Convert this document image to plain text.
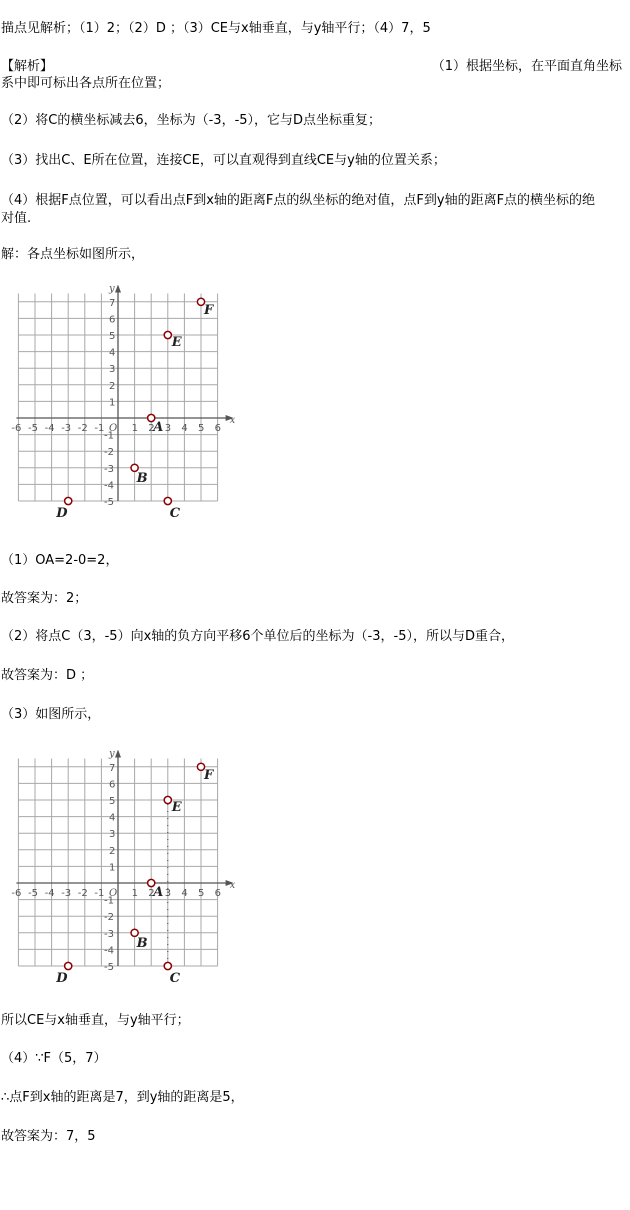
描点见解析；（1）2；（2）D ；（3）CE与x轴垂直，与y轴平行；（4）7，5
【解析】	（1）根据坐标，在平面直角坐标
系中即可标出各点所在位置；
（2）将C的横坐标减去6，坐标为（-3，-5），它与D点坐标重复；
（3）找出C、E所在位置，连接CE，可以直观得到直线CE与y轴的位置关系；
（4）根据F点位置，可以看出点F到x轴的距离F点的纵坐标的绝对值，点F到y轴的距离F点的横坐标的绝
对值.
解：各点坐标如图所示，
x
y
O
-6 -5 -4 -3 -2 -1	1 2 3 4 5 6
7
6
5
4
3
2
1
-1
-2
-3
-4
-5
A
B
C
D
E
F
（1）OA=2-0=2，
故答案为：2；
（2）将点C（3，-5）向x轴的负方向平移6个单位后的坐标为（-3，-5），所以与D重合，
故答案为：D ；
（3）如图所示，
x
y
O
-6 -5 -4 -3 -2 -1	1 2 3 4 5 6
7
6
5
4
3
2
1
-1
-2
-3
-4
-5
A
B
C
D
E
F
所以CE与x轴垂直，与y轴平行；
（4）∵F（5，7）
∴点F到x轴的距离是7，到y轴的距离是5，
故答案为：7，5
